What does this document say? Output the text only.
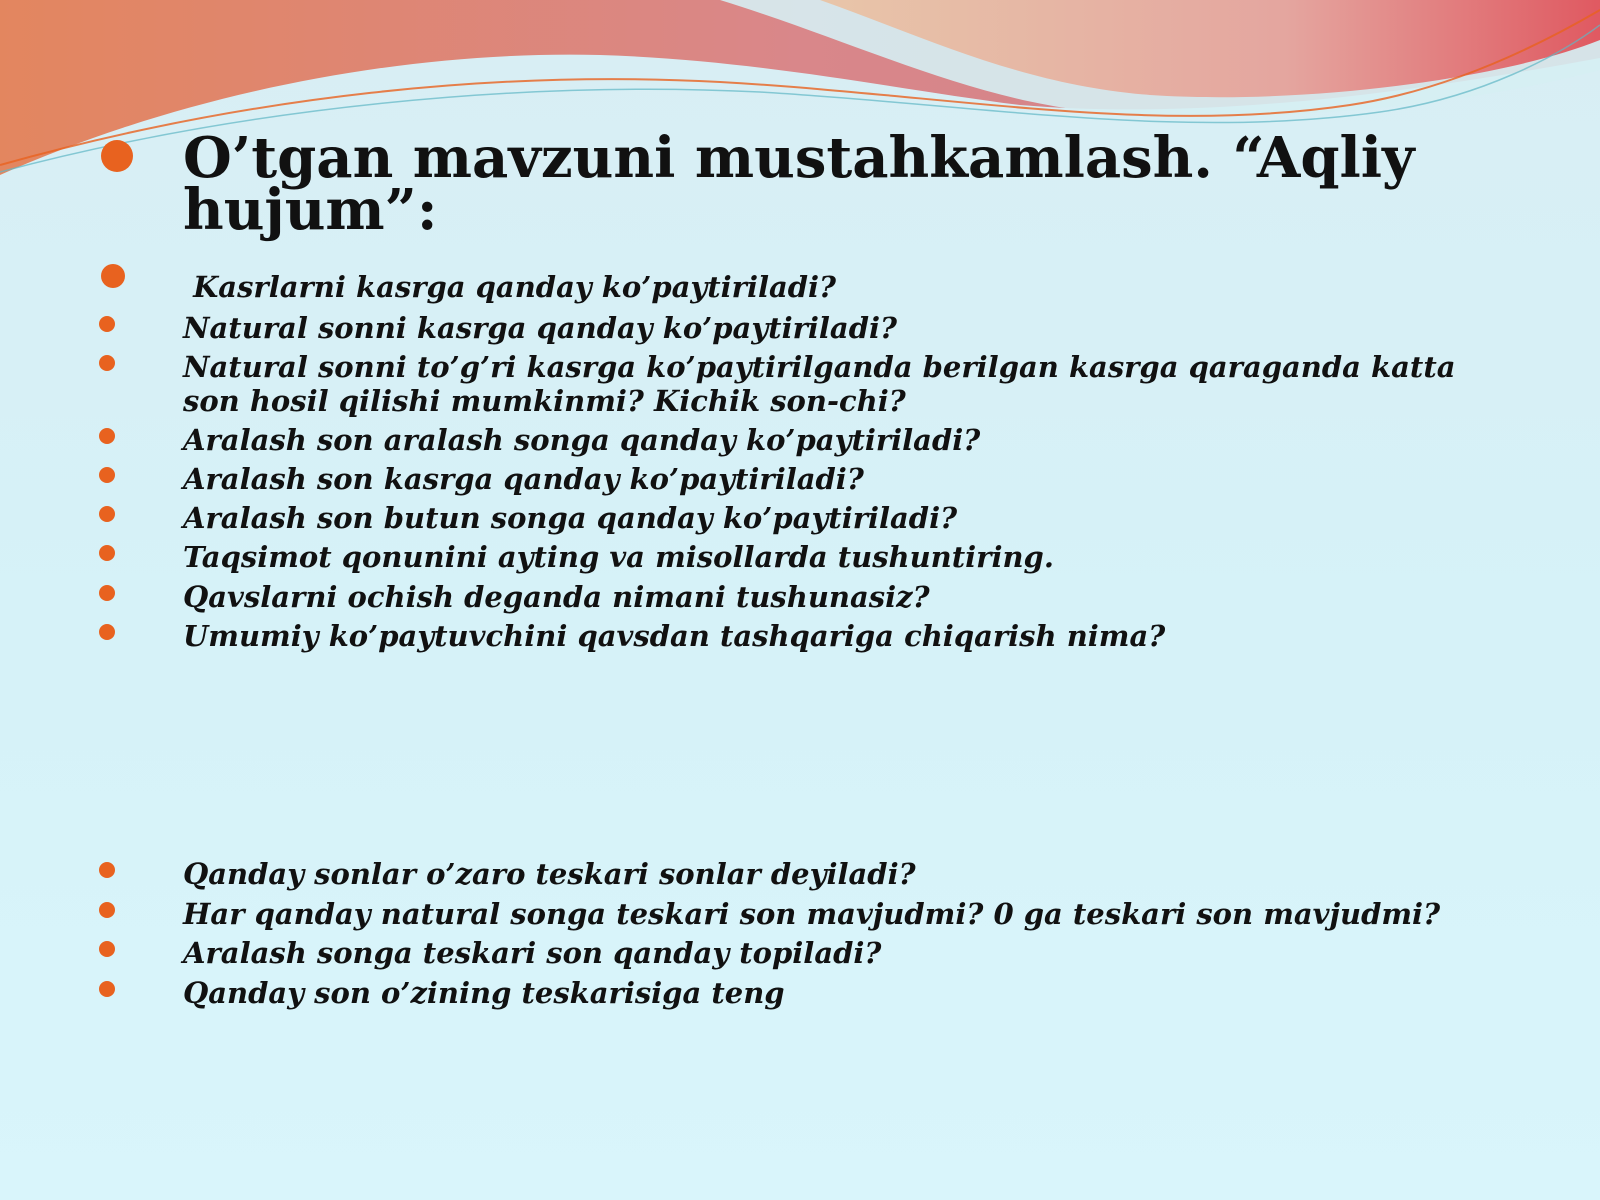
O’tgan mavzuni mustahkamlash. “Aqliy hujum”:

Kasrlarni kasrga qanday ko’paytiriladi?

Natural sonni kasrga qanday ko’paytiriladi?

Natural sonni to’g’ri kasrga ko’paytirilganda berilgan kasrga qaraganda katta son hosil qilishi mumkinmi? Kichik son-chi?

Aralash son aralash songa qanday ko’paytiriladi?

Aralash son kasrga qanday ko’paytiriladi?

Aralash son butun songa qanday ko’paytiriladi?

Taqsimot qonunini ayting va misollarda tushuntiring.

Qavslarni ochish deganda nimani tushunasiz?

Umumiy ko’paytuvchini qavsdan tashqariga chiqarish nima?

Qanday sonlar o’zaro teskari sonlar deyiladi?

Har qanday natural songa teskari son mavjudmi? 0 ga teskari son mavjudmi?

Aralash songa teskari son qanday topiladi?

Qanday son o’zining teskarisiga teng
